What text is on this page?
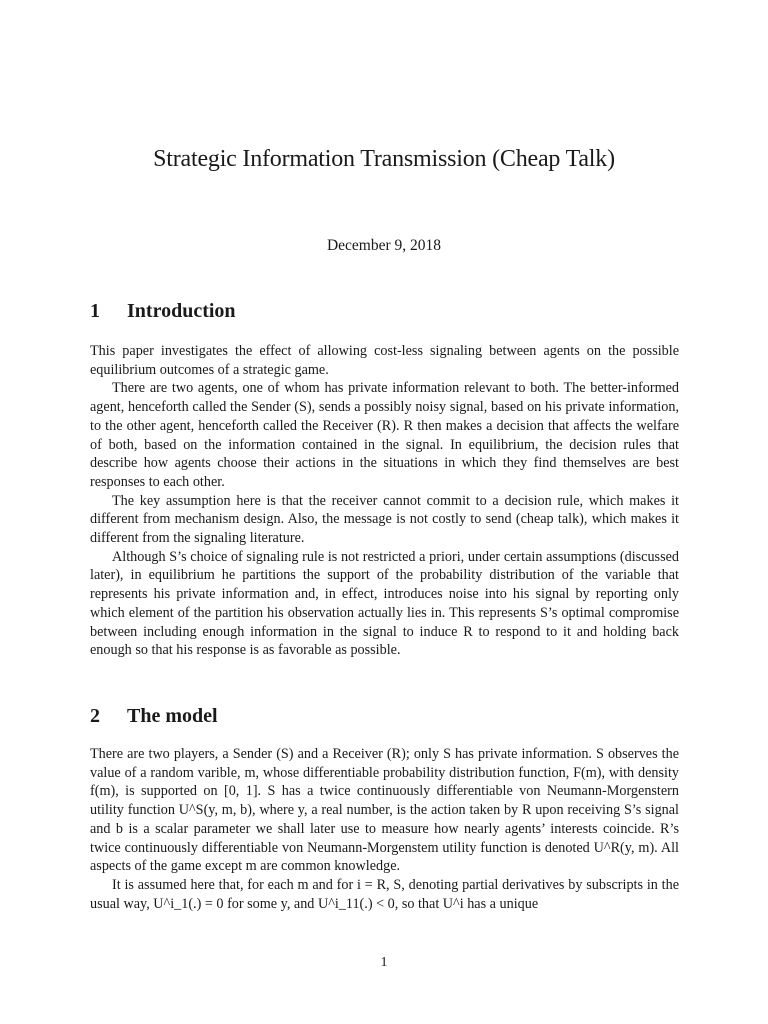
Strategic Information Transmission (Cheap Talk)
December 9, 2018
1 Introduction

This paper investigates the effect of allowing cost-less signaling between agents on the possible equilibrium outcomes of a strategic game.

There are two agents, one of whom has private information relevant to both. The better-informed agent, henceforth called the Sender (S), sends a possibly noisy signal, based on his private information, to the other agent, henceforth called the Receiver (R). R then makes a decision that affects the welfare of both, based on the information contained in the signal. In equilibrium, the decision rules that describe how agents choose their actions in the situations in which they find themselves are best responses to each other.

The key assumption here is that the receiver cannot commit to a decision rule, which makes it different from mechanism design. Also, the message is not costly to send (cheap talk), which makes it different from the signaling literature.

Although S’s choice of signaling rule is not restricted a priori, under certain assumptions (discussed later), in equilibrium he partitions the support of the probability distribution of the variable that represents his private information and, in effect, introduces noise into his signal by reporting only which element of the partition his observation actually lies in. This represents S’s optimal compromise between including enough information in the signal to induce R to respond to it and holding back enough so that his response is as favorable as possible.

2 The model

There are two players, a Sender (S) and a Receiver (R); only S has private information. S observes the value of a random varible, m, whose differentiable probability distribution function, F(m), with density f(m), is supported on [0, 1]. S has a twice continuously differentiable von Neumann-Morgenstern utility function U^S(y, m, b), where y, a real number, is the action taken by R upon receiving S’s signal and b is a scalar parameter we shall later use to measure how nearly agents’ interests coincide. R’s twice continuously differentiable von Neumann-Morgenstem utility function is denoted U^R(y, m). All aspects of the game except m are common knowledge.

It is assumed here that, for each m and for i = R, S, denoting partial derivatives by subscripts in the usual way, U^i_1(.) = 0 for some y, and U^i_11(.) < 0, so that U^i has a unique

1
